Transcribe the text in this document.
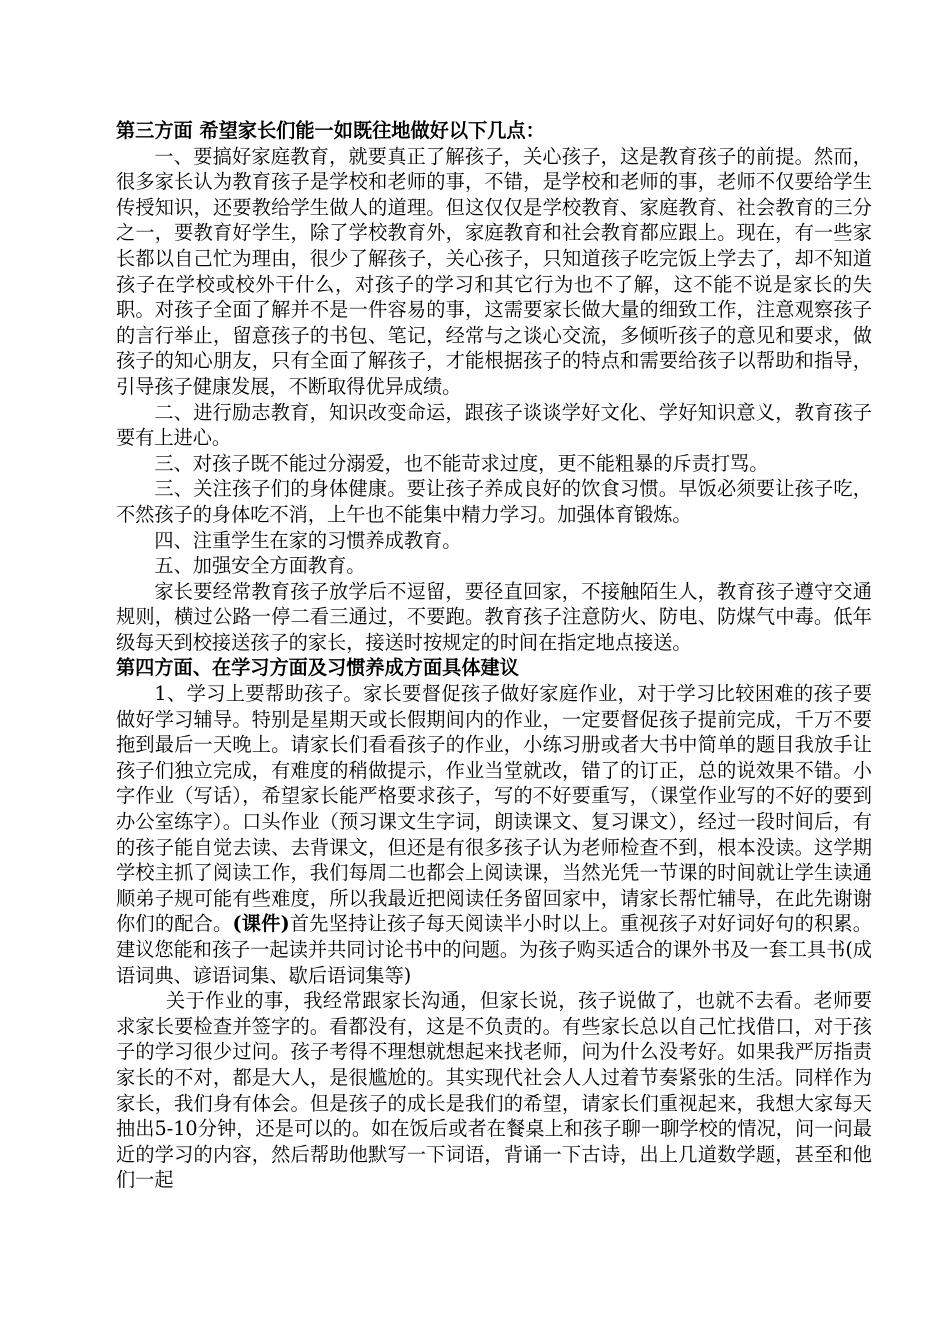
第三方面 希望家长们能一如既往地做好以下几点：

一、要搞好家庭教育，就要真正了解孩子，关心孩子，这是教育孩子的前提。然而，很多家长认为教育孩子是学校和老师的事，不错，是学校和老师的事，老师不仅要给学生传授知识，还要教给学生做人的道理。但这仅仅是学校教育、家庭教育、社会教育的三分之一，要教育好学生，除了学校教育外，家庭教育和社会教育都应跟上。现在，有一些家长都以自己忙为理由，很少了解孩子，关心孩子，只知道孩子吃完饭上学去了，却不知道孩子在学校或校外干什么，对孩子的学习和其它行为也不了解，这不能不说是家长的失职。对孩子全面了解并不是一件容易的事，这需要家长做大量的细致工作，注意观察孩子的言行举止，留意孩子的书包、笔记，经常与之谈心交流，多倾听孩子的意见和要求，做孩子的知心朋友，只有全面了解孩子，才能根据孩子的特点和需要给孩子以帮助和指导，引导孩子健康发展，不断取得优异成绩。

二、进行励志教育，知识改变命运，跟孩子谈谈学好文化、学好知识意义，教育孩子要有上进心。

三、对孩子既不能过分溺爱，也不能苛求过度，更不能粗暴的斥责打骂。

三、关注孩子们的身体健康。要让孩子养成良好的饮食习惯。早饭必须要让孩子吃，不然孩子的身体吃不消，上午也不能集中精力学习。加强体育锻炼。

四、注重学生在家的习惯养成教育。

五、加强安全方面教育。

家长要经常教育孩子放学后不逗留，要径直回家，不接触陌生人，教育孩子遵守交通规则，横过公路一停二看三通过，不要跑。教育孩子注意防火、防电、防煤气中毒。低年级每天到校接送孩子的家长，接送时按规定的时间在指定地点接送。

第四方面、在学习方面及习惯养成方面具体建议

1、学习上要帮助孩子。家长要督促孩子做好家庭作业，对于学习比较困难的孩子要做好学习辅导。特别是星期天或长假期间内的作业，一定要督促孩子提前完成，千万不要拖到最后一天晚上。请家长们看看孩子的作业，小练习册或者大书中简单的题目我放手让孩子们独立完成，有难度的稍做提示，作业当堂就改，错了的订正，总的说效果不错。小字作业（写话），希望家长能严格要求孩子，写的不好要重写，（课堂作业写的不好的要到办公室练字）。口头作业（预习课文生字词，朗读课文、复习课文），经过一段时间后，有的孩子能自觉去读、去背课文，但还是有很多孩子认为老师检查不到，根本没读。这学期学校主抓了阅读工作，我们每周二也都会上阅读课，当然光凭一节课的时间就让学生读通顺弟子规可能有些难度，所以我最近把阅读任务留回家中，请家长帮忙辅导，在此先谢谢你们的配合。(课件)首先坚持让孩子每天阅读半小时以上。重视孩子对好词好句的积累。建议您能和孩子一起读并共同讨论书中的问题。为孩子购买适合的课外书及一套工具书(成语词典、谚语词集、歇后语词集等)

关于作业的事，我经常跟家长沟通，但家长说，孩子说做了，也就不去看。老师要求家长要检查并签字的。看都没有，这是不负责的。有些家长总以自己忙找借口，对于孩子的学习很少过问。孩子考得不理想就想起来找老师，问为什么没考好。如果我严厉指责家长的不对，都是大人，是很尴尬的。其实现代社会人人过着节奏紧张的生活。同样作为家长，我们身有体会。但是孩子的成长是我们的希望，请家长们重视起来，我想大家每天抽出5-10分钟，还是可以的。如在饭后或者在餐桌上和孩子聊一聊学校的情况，问一问最近的学习的内容，然后帮助他默写一下词语，背诵一下古诗，出上几道数学题，甚至和他们一起
